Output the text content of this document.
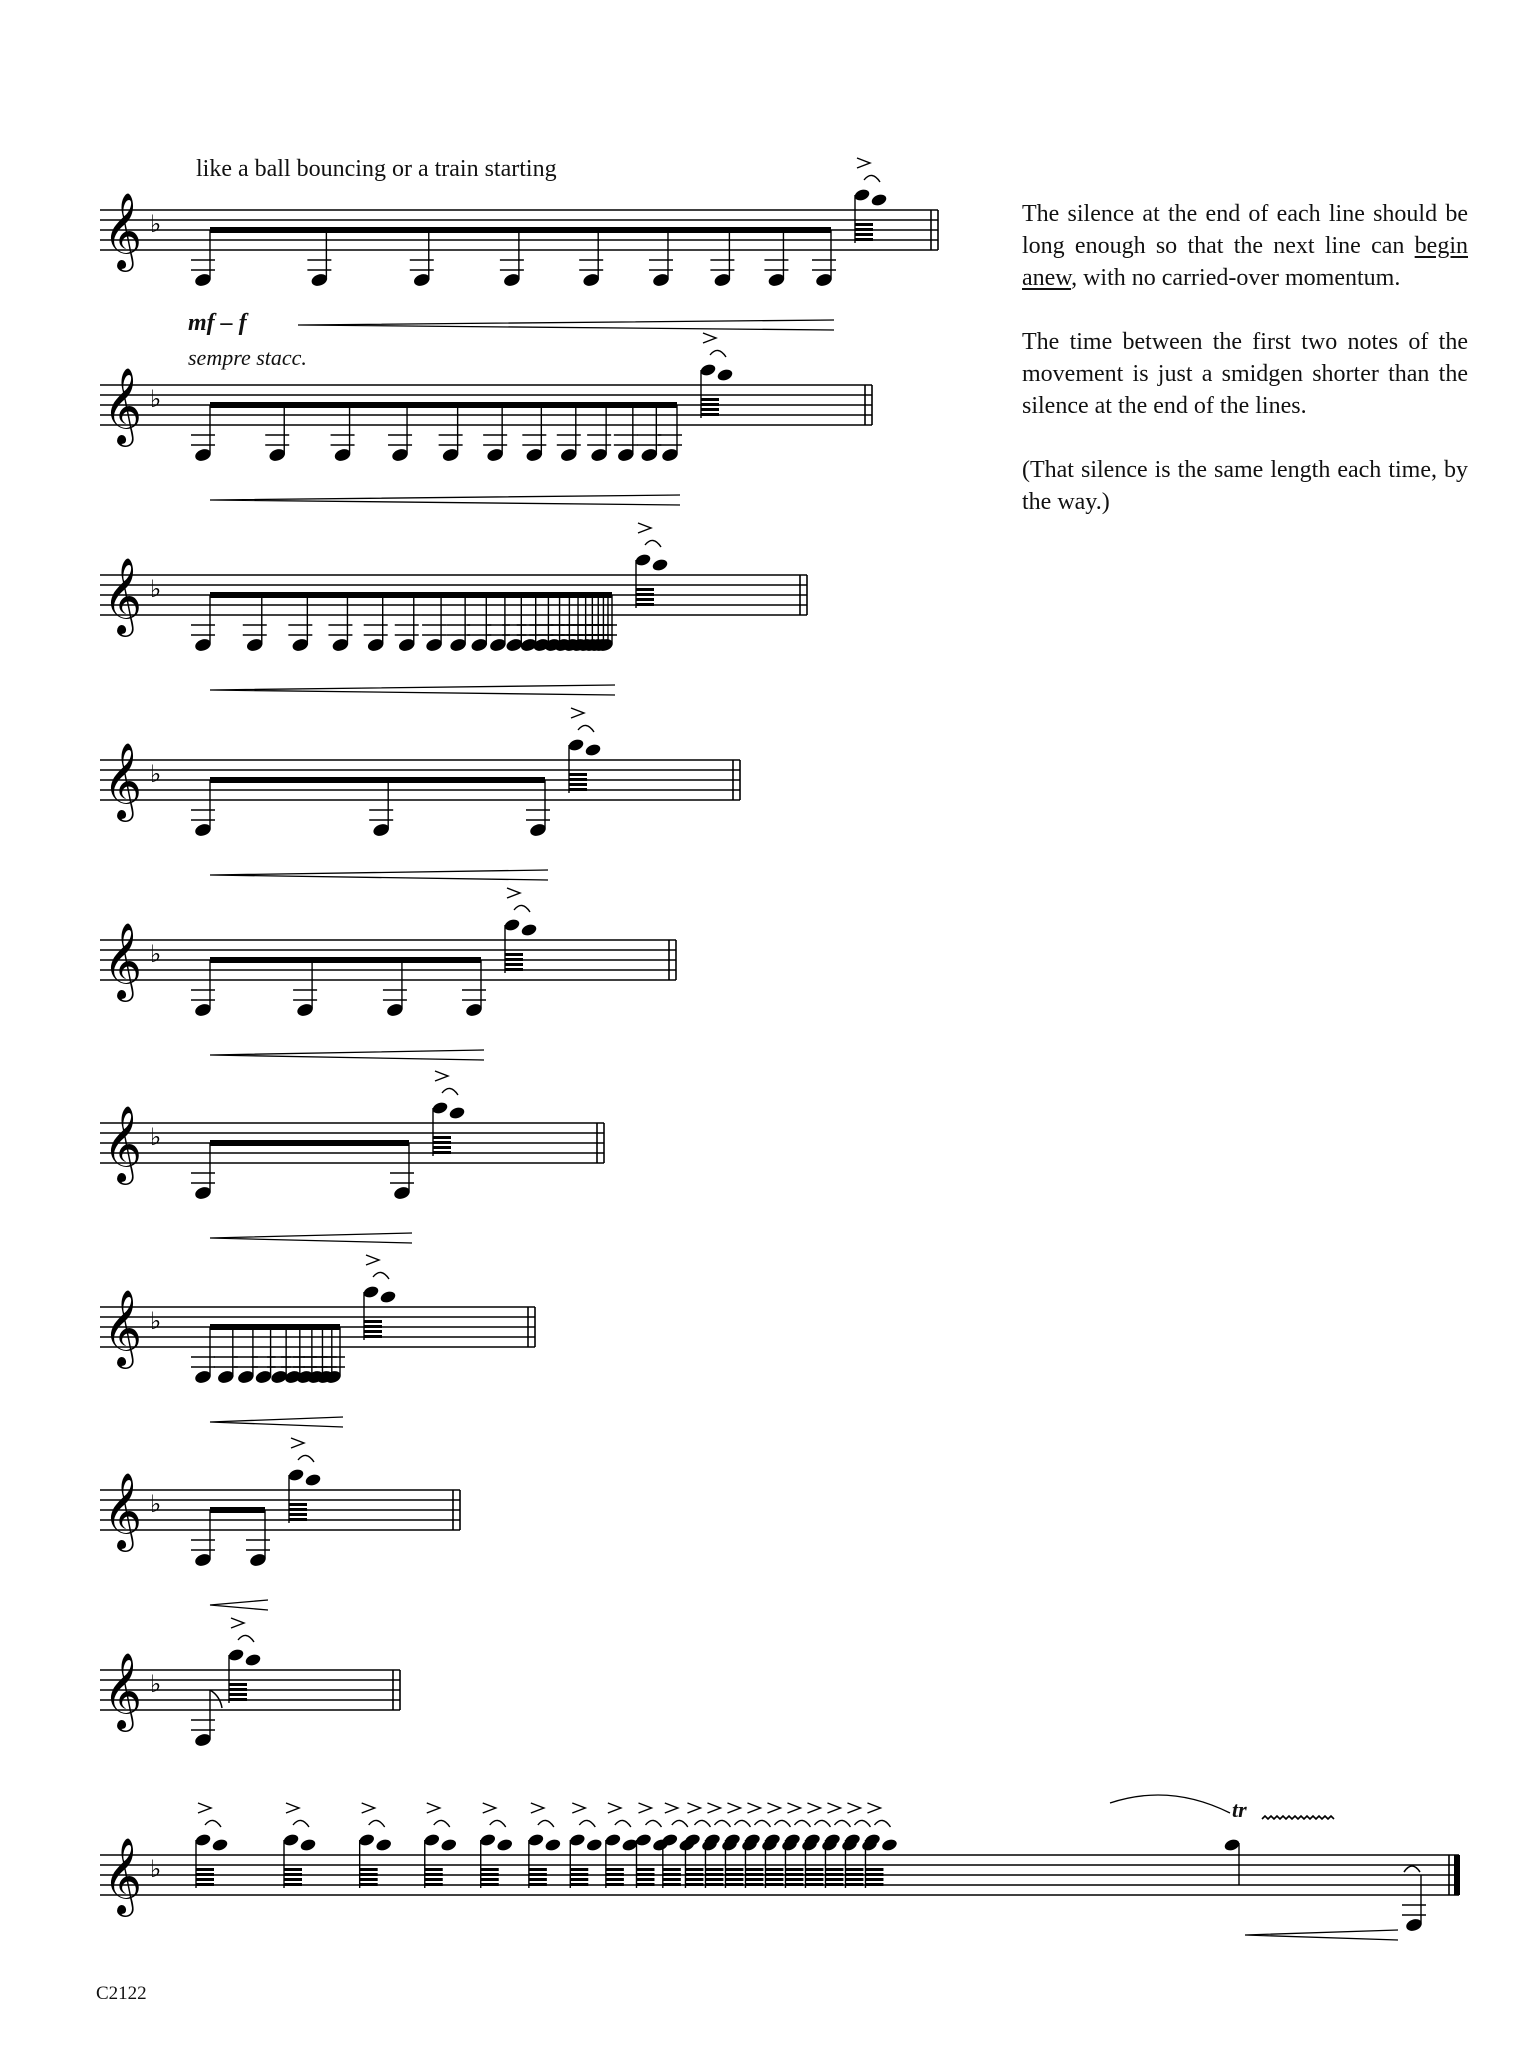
𝄞 ♭
𝄞 ♭
𝄞 ♭
𝄞 ♭
𝄞 ♭
𝄞 ♭
𝄞 ♭
𝄞 ♭
𝄞 ♭
𝄞 ♭
like a ball bouncing or a train starting
mf – f
sempre stacc.
tr

The silence at the end of each line should be long enough so that the next line can begin anew, with no carried-over momentum.

The time between the first two notes of the movement is just a smidgen shorter than the silence at the end of the lines.

(That silence is the same length each time, by the way.)

C2122
